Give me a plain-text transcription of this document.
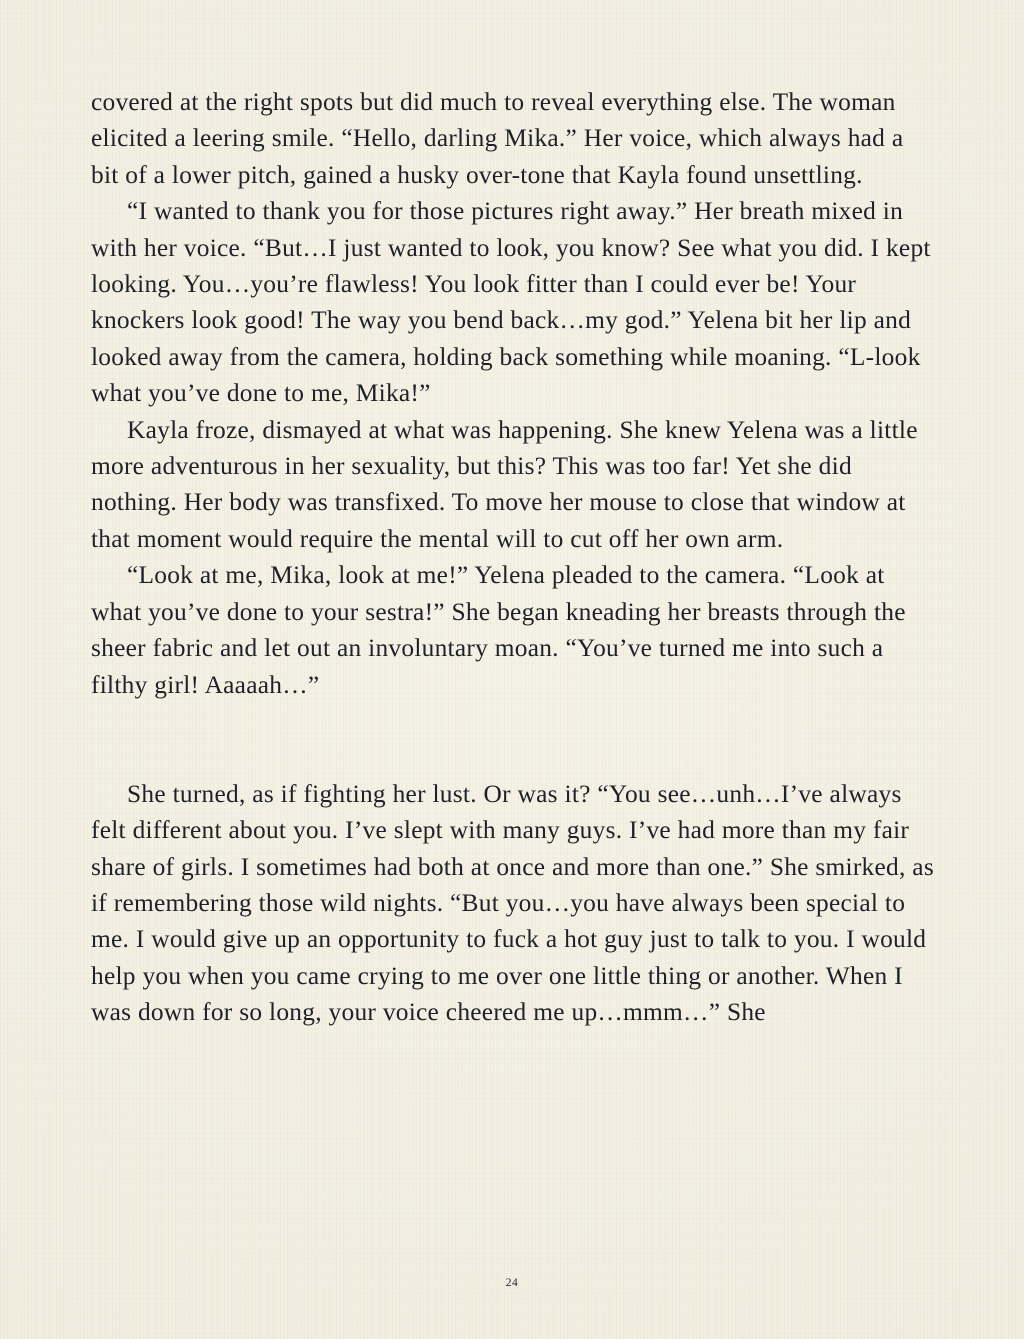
covered at the right spots but did much to reveal everything else. The woman elicited a leering smile. “Hello, darling Mika.” Her voice, which always had a bit of a lower pitch, gained a husky over-tone that Kayla found unsettling.

“I wanted to thank you for those pictures right away.” Her breath mixed in with her voice. “But…I just wanted to look, you know? See what you did. I kept looking. You…you’re flawless! You look fitter than I could ever be! Your knockers look good! The way you bend back…my god.” Yelena bit her lip and looked away from the camera, holding back something while moaning. “L-look what you’ve done to me, Mika!”

Kayla froze, dismayed at what was happening. She knew Yelena was a little more adventurous in her sexuality, but this? This was too far! Yet she did nothing. Her body was transfixed. To move her mouse to close that window at that moment would require the mental will to cut off her own arm.

“Look at me, Mika, look at me!” Yelena pleaded to the camera. “Look at what you’ve done to your sestra!” She began kneading her breasts through the sheer fabric and let out an involuntary moan. “You’ve turned me into such a filthy girl! Aaaaah…”

She turned, as if fighting her lust. Or was it? “You see…unh…I’ve always felt different about you. I’ve slept with many guys. I’ve had more than my fair share of girls. I sometimes had both at once and more than one.” She smirked, as if remembering those wild nights. “But you…you have always been special to me. I would give up an opportunity to fuck a hot guy just to talk to you. I would help you when you came crying to me over one little thing or another. When I was down for so long, your voice cheered me up…mmm…” She

24
